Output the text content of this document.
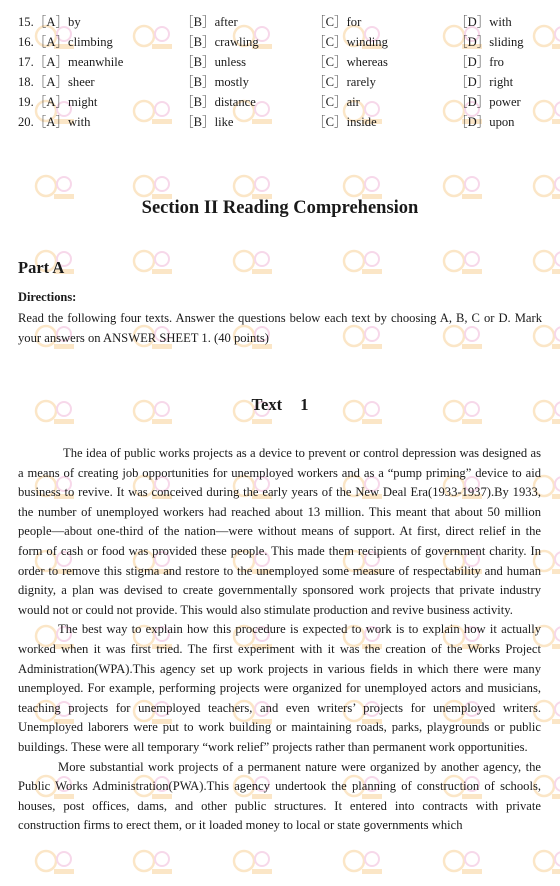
15.［A］by	［B］after	［C］for	［D］with
16.［A］climbing	［B］crawling	［C］winding	［D］sliding
17.［A］meanwhile	［B］unless	［C］whereas	［D］fro
18.［A］sheer	［B］mostly	［C］rarely	［D］right
19.［A］might	［B］distance	［C］air	［D］power
20.［A］with	［B］like	［C］inside	［D］upon
Section II Reading Comprehension
Part A
Directions:
Read the following four texts. Answer the questions below each text by choosing A, B, C or D. Mark your answers on ANSWER SHEET 1. (40 points)
Text 1

The idea of public works projects as a device to prevent or control depression was designed as a means of creating job opportunities for unemployed workers and as a “pump priming” device to aid business to revive. It was conceived during the early years of the New Deal Era(1933-1937).By 1933, the number of unemployed workers had reached about 13 million. This meant that about 50 million people—about one-third of the nation—were without means of support. At first, direct relief in the form of cash or food was provided these people. This made them recipients of government charity. In order to remove this stigma and restore to the unemployed some measure of respectability and human dignity, a plan was devised to create governmentally sponsored work projects that private industry would not or could not provide. This would also stimulate production and revive business activity.

The best way to explain how this procedure is expected to work is to explain how it actually worked when it was first tried. The first experiment with it was the creation of the Works Project Administration(WPA).This agency set up work projects in various fields in which there were many unemployed. For example, performing projects were organized for unemployed actors and musicians, teaching projects for unemployed teachers, and even writers’ projects for unemployed writers. Unemployed laborers were put to work building or maintaining roads, parks, playgrounds or public buildings. These were all temporary “work relief” projects rather than permanent work opportunities.

More substantial work projects of a permanent nature were organized by another agency, the Public Works Administration(PWA).This agency undertook the planning of construction of schools, houses, post offices, dams, and other public structures. It entered into contracts with private construction firms to erect them, or it loaded money to local or state governments which
